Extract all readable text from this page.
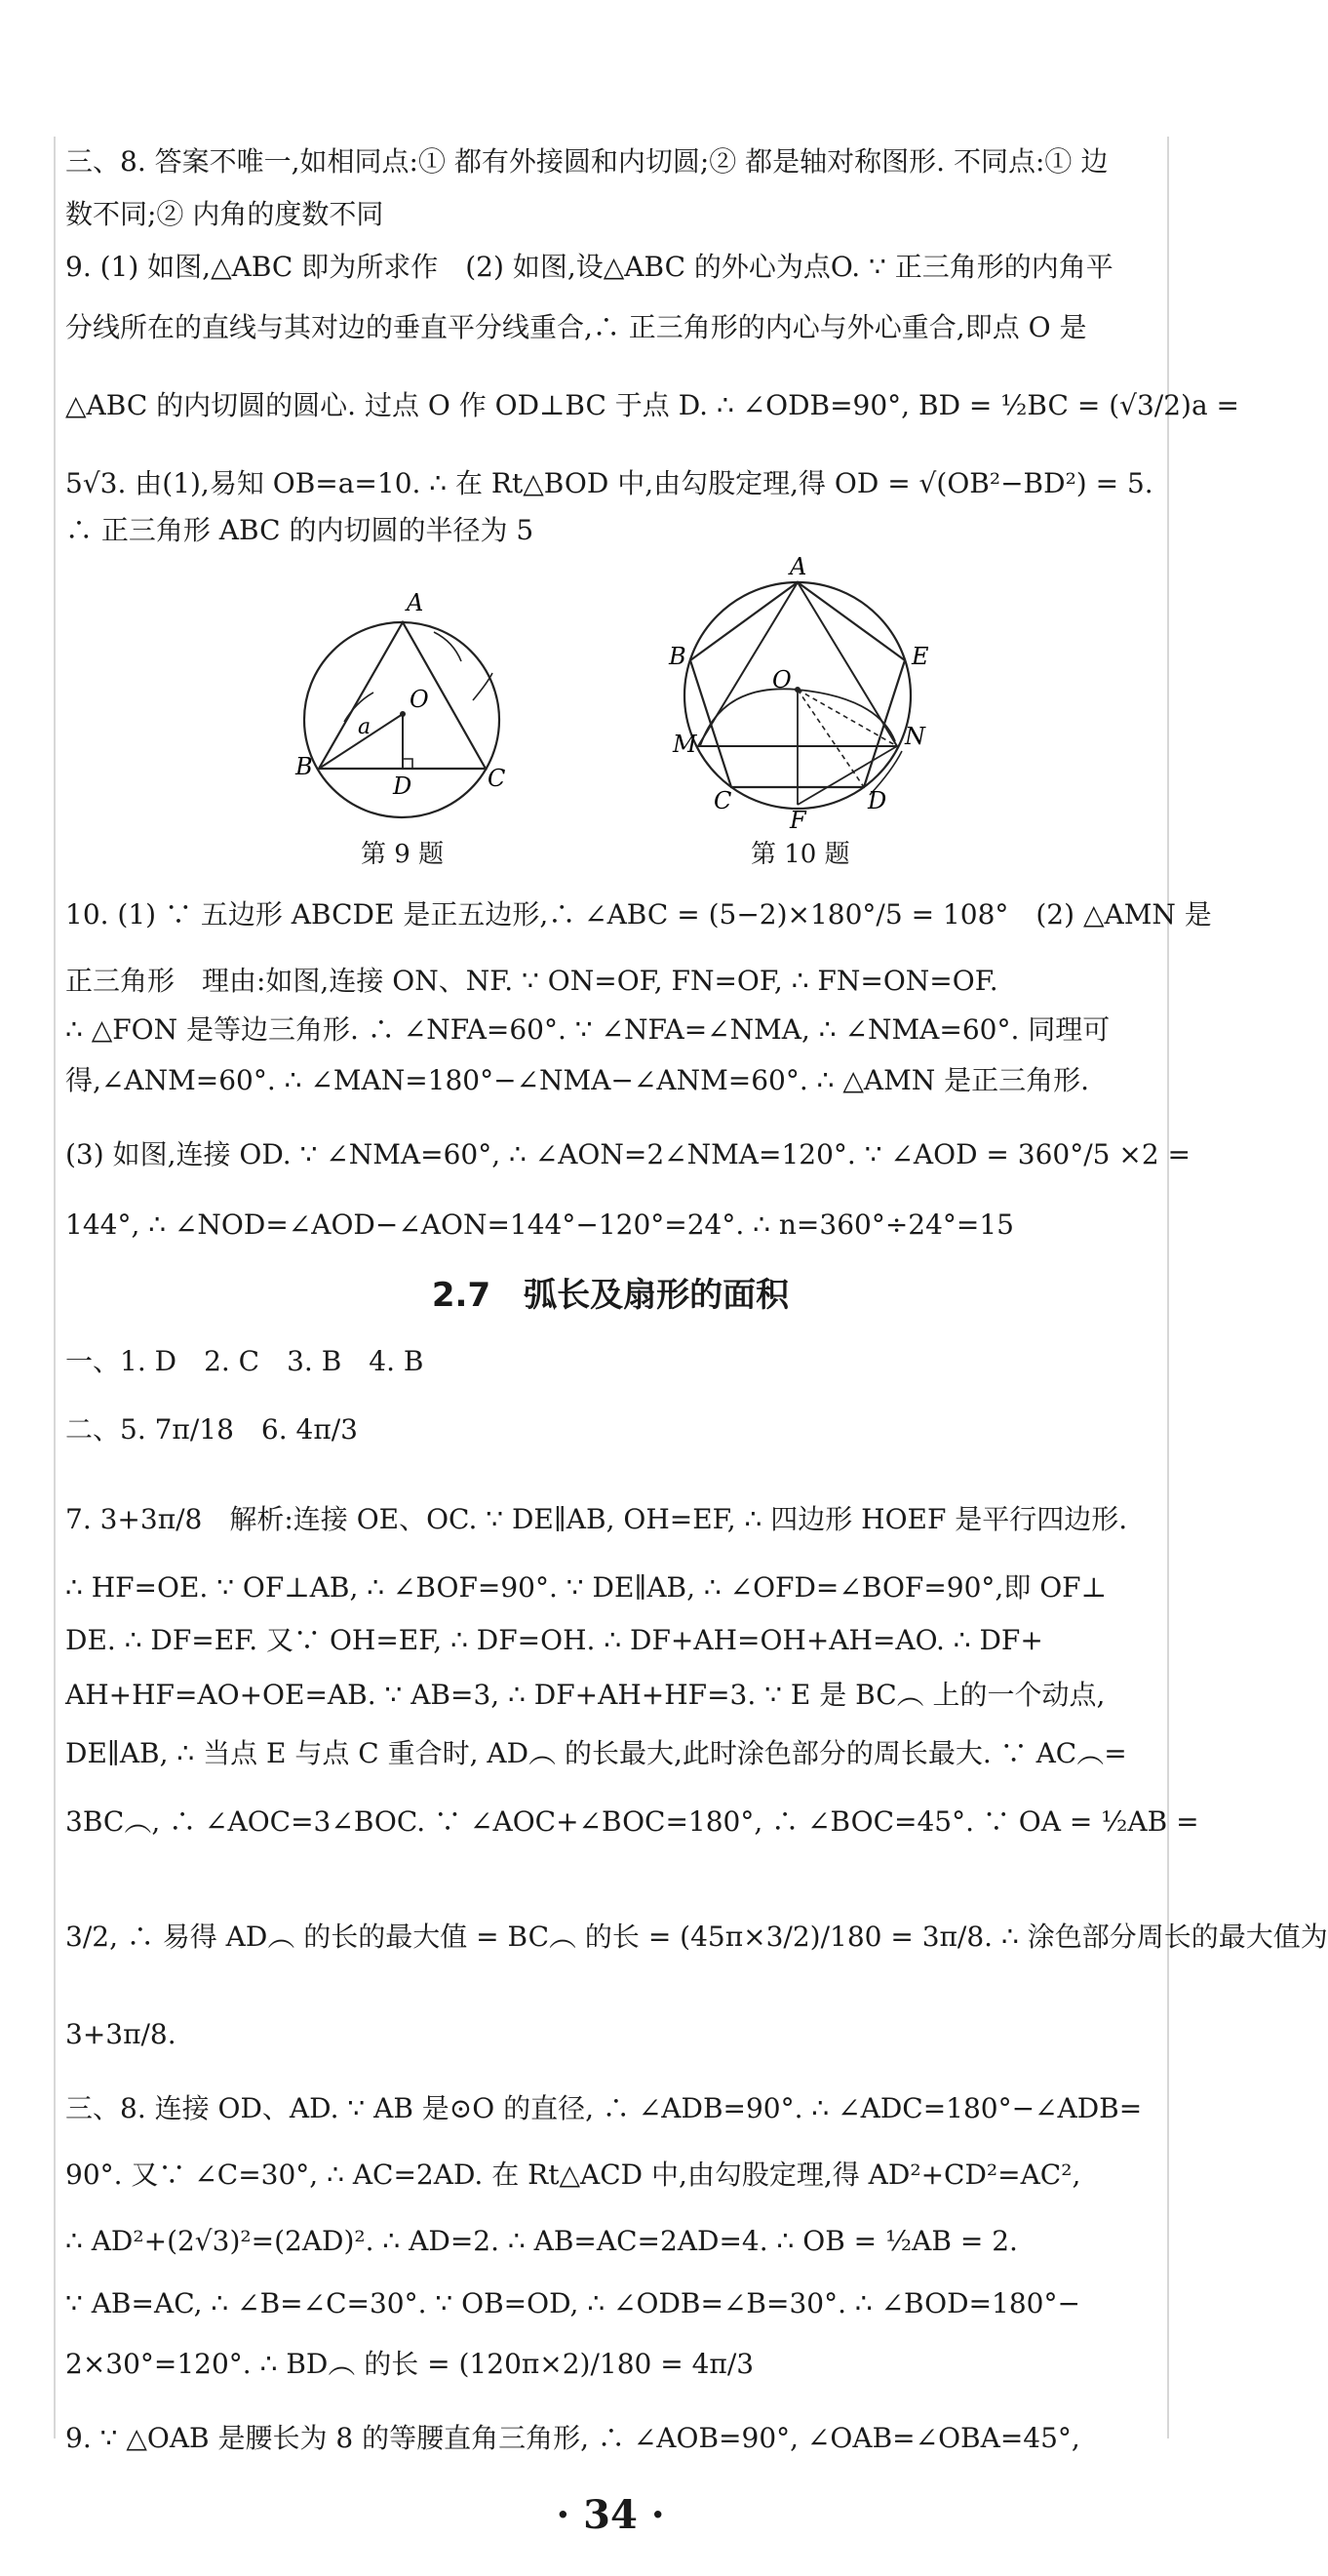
三、8. 答案不唯一,如相同点:① 都有外接圆和内切圆;② 都是轴对称图形. 不同点:① 边
数不同;② 内角的度数不同
9. (1) 如图,△ABC 即为所求作　(2) 如图,设△ABC 的外心为点O. ∵ 正三角形的内角平
分线所在的直线与其对边的垂直平分线重合,∴ 正三角形的内心与外心重合,即点 O 是
△ABC 的内切圆的圆心. 过点 O 作 OD⊥BC 于点 D. ∴ ∠ODB=90°, BD = ½BC = (√3/2)a =
5√3. 由(1),易知 OB=a=10. ∴ 在 Rt△BOD 中,由勾股定理,得 OD = √(OB²−BD²) = 5.
∴ 正三角形 ABC 的内切圆的半径为 5
A
B	C
O
D
a
第 9 题
A
B	E
O
M	N
C	D
F
第 10 题
10. (1) ∵ 五边形 ABCDE 是正五边形,∴ ∠ABC = (5−2)×180°/5 = 108°　(2) △AMN 是
正三角形　理由:如图,连接 ON、NF. ∵ ON=OF, FN=OF, ∴ FN=ON=OF.
∴ △FON 是等边三角形. ∴ ∠NFA=60°. ∵ ∠NFA=∠NMA, ∴ ∠NMA=60°. 同理可
得,∠ANM=60°. ∴ ∠MAN=180°−∠NMA−∠ANM=60°. ∴ △AMN 是正三角形.
(3) 如图,连接 OD. ∵ ∠NMA=60°, ∴ ∠AON=2∠NMA=120°. ∵ ∠AOD = 360°/5 ×2 =
144°, ∴ ∠NOD=∠AOD−∠AON=144°−120°=24°. ∴ n=360°÷24°=15
2.7　弧长及扇形的面积
一、1. D　2. C　3. B　4. B
二、5. 7π/18　6. 4π/3
7. 3+3π/8　解析:连接 OE、OC. ∵ DE∥AB, OH=EF, ∴ 四边形 HOEF 是平行四边形.
∴ HF=OE. ∵ OF⊥AB, ∴ ∠BOF=90°. ∵ DE∥AB, ∴ ∠OFD=∠BOF=90°,即 OF⊥
DE. ∴ DF=EF. 又∵ OH=EF, ∴ DF=OH. ∴ DF+AH=OH+AH=AO. ∴ DF+
AH+HF=AO+OE=AB. ∵ AB=3, ∴ DF+AH+HF=3. ∵ E 是 BC︵ 上的一个动点,
DE∥AB, ∴ 当点 E 与点 C 重合时, AD︵ 的长最大,此时涂色部分的周长最大. ∵ AC︵=
3BC︵, ∴ ∠AOC=3∠BOC. ∵ ∠AOC+∠BOC=180°, ∴ ∠BOC=45°. ∵ OA = ½AB =
3/2, ∴ 易得 AD︵ 的长的最大值 = BC︵ 的长 = (45π×3/2)/180 = 3π/8. ∴ 涂色部分周长的最大值为
3+3π/8.
三、8. 连接 OD、AD. ∵ AB 是⊙O 的直径, ∴ ∠ADB=90°. ∴ ∠ADC=180°−∠ADB=
90°. 又∵ ∠C=30°, ∴ AC=2AD. 在 Rt△ACD 中,由勾股定理,得 AD²+CD²=AC²,
∴ AD²+(2√3)²=(2AD)². ∴ AD=2. ∴ AB=AC=2AD=4. ∴ OB = ½AB = 2.
∵ AB=AC, ∴ ∠B=∠C=30°. ∵ OB=OD, ∴ ∠ODB=∠B=30°. ∴ ∠BOD=180°−
2×30°=120°. ∴ BD︵ 的长 = (120π×2)/180 = 4π/3
9. ∵ △OAB 是腰长为 8 的等腰直角三角形, ∴ ∠AOB=90°, ∠OAB=∠OBA=45°,
· 34 ·
